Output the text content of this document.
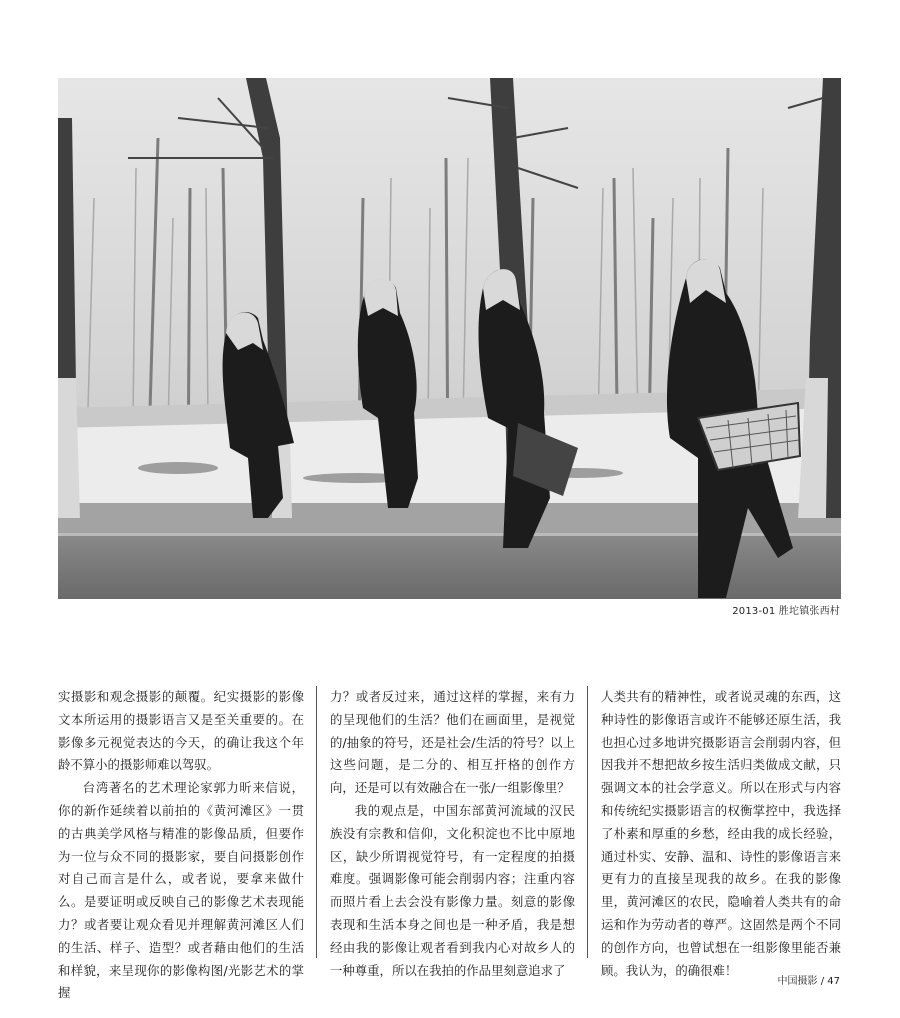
2013-01 胜坨镇张西村

实摄影和观念摄影的颠覆。纪实摄影的影像文本所运用的摄影语言又是至关重要的。在影像多元视觉表达的今天，的确让我这个年龄不算小的摄影师难以驾驭。

台湾著名的艺术理论家郭力昕来信说，你的新作延续着以前拍的《黄河滩区》一贯的古典美学风格与精准的影像品质，但要作为一位与众不同的摄影家，要自问摄影创作对自己而言是什么，或者说，要拿来做什么。是要证明或反映自己的影像艺术表现能力？或者要让观众看见并理解黄河滩区人们的生活、样子、造型？或者藉由他们的生活和样貌，来呈现你的影像构图/光影艺术的掌握

力？或者反过来，通过这样的掌握，来有力的呈现他们的生活？他们在画面里，是视觉的/抽象的符号，还是社会/生活的符号？以上这些问题，是二分的、相互扞格的创作方向，还是可以有效融合在一张/一组影像里？

我的观点是，中国东部黄河流域的汉民族没有宗教和信仰，文化积淀也不比中原地区，缺少所谓视觉符号，有一定程度的拍摄难度。强调影像可能会削弱内容；注重内容而照片看上去会没有影像力量。刻意的影像表现和生活本身之间也是一种矛盾，我是想经由我的影像让观者看到我内心对故乡人的一种尊重，所以在我拍的作品里刻意追求了

人类共有的精神性，或者说灵魂的东西，这种诗性的影像语言或许不能够还原生活，我也担心过多地讲究摄影语言会削弱内容，但因我并不想把故乡按生活归类做成文献，只强调文本的社会学意义。所以在形式与内容和传统纪实摄影语言的权衡掌控中，我选择了朴素和厚重的乡愁，经由我的成长经验，通过朴实、安静、温和、诗性的影像语言来更有力的直接呈现我的故乡。在我的影像里，黄河滩区的农民，隐喻着人类共有的命运和作为劳动者的尊严。这固然是两个不同的创作方向，也曾试想在一组影像里能否兼顾。我认为，的确很难！

中国摄影 / 47
